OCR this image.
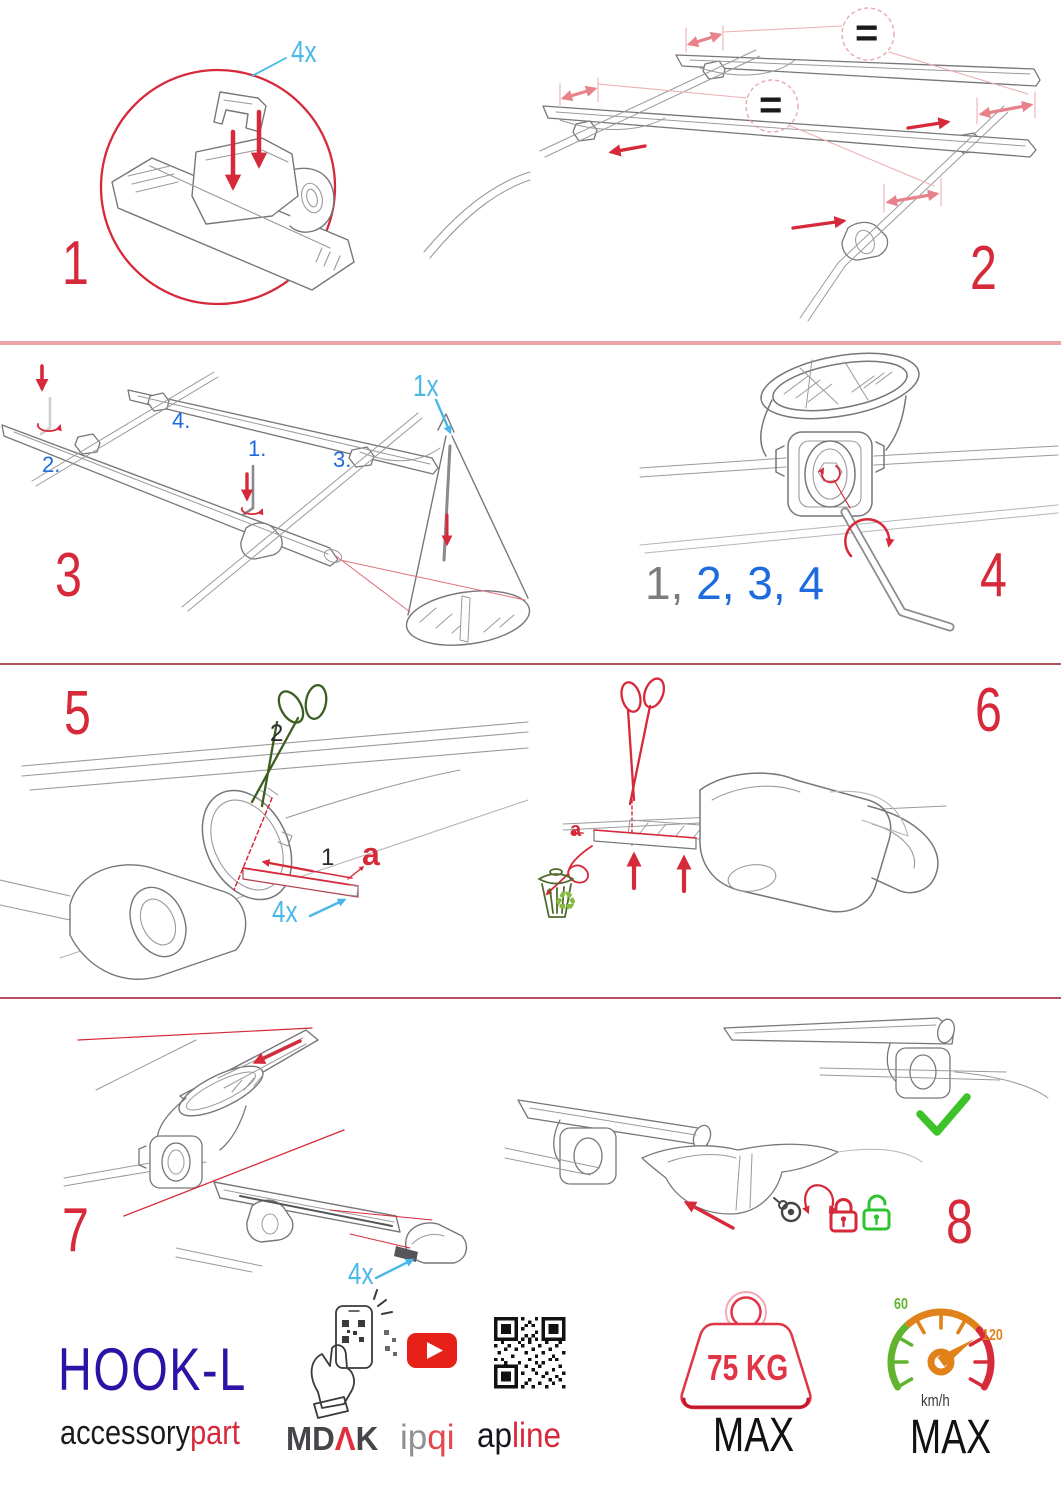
4x
1
=
=
2
4.
2.
1.	3.
1x
3	1, 2, 3, 4	4
5	2
1 a
4x
a
♻
6
7
4x
8
HOOK-L
accessorypart MDΛK ipqi apline
75 KG
MAX
60
120
km/h
MAX
